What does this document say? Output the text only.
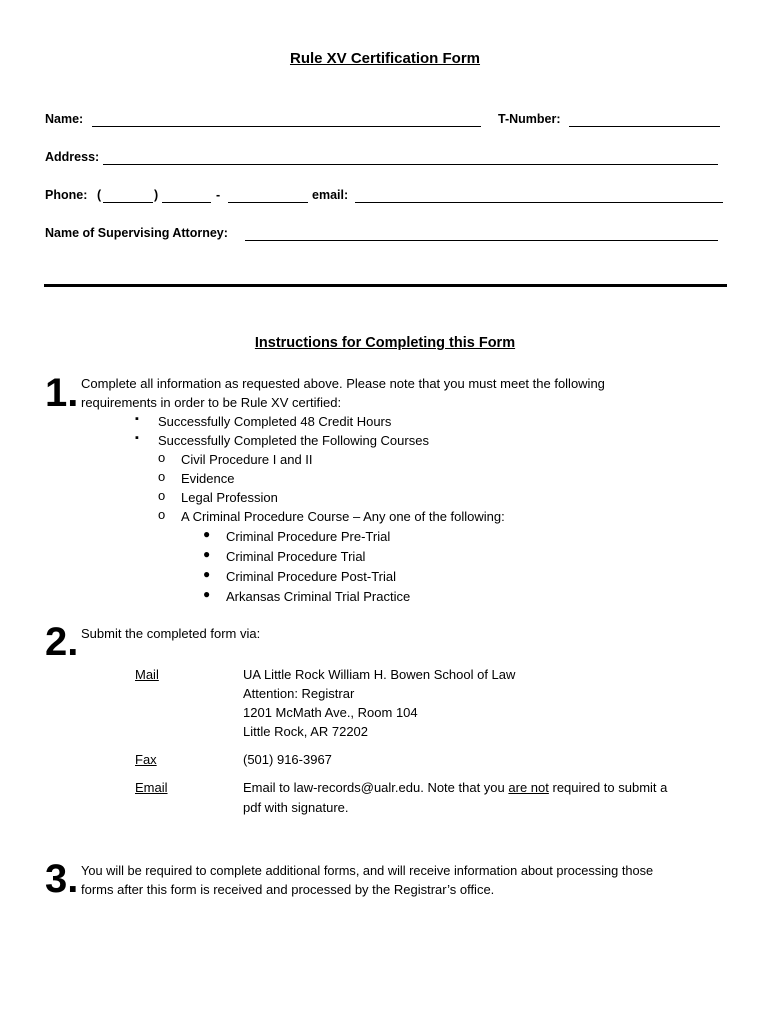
Rule XV Certification Form
Name:	T-Number:
Address:
Phone: (	)	-	email:
Name of Supervising Attorney:
Instructions for Completing this Form
1. Complete all information as requested above. Please note that you must meet the following
requirements in order to be Rule XV certified:
▪ Successfully Completed 48 Credit Hours
▪ Successfully Completed the Following Courses
o Civil Procedure I and II
o Evidence
o Legal Profession
o A Criminal Procedure Course – Any one of the following:
● Criminal Procedure Pre-Trial
● Criminal Procedure Trial
● Criminal Procedure Post-Trial
● Arkansas Criminal Trial Practice
2. Submit the completed form via:
Mail	UA Little Rock William H. Bowen School of Law
Attention: Registrar
1201 McMath Ave., Room 104
Little Rock, AR 72202
Fax	(501) 916-3967
Email	Email to law-records@ualr.edu. Note that you are not required to submit a
pdf with signature.
3. You will be required to complete additional forms, and will receive information about processing those
forms after this form is received and processed by the Registrar’s office.
